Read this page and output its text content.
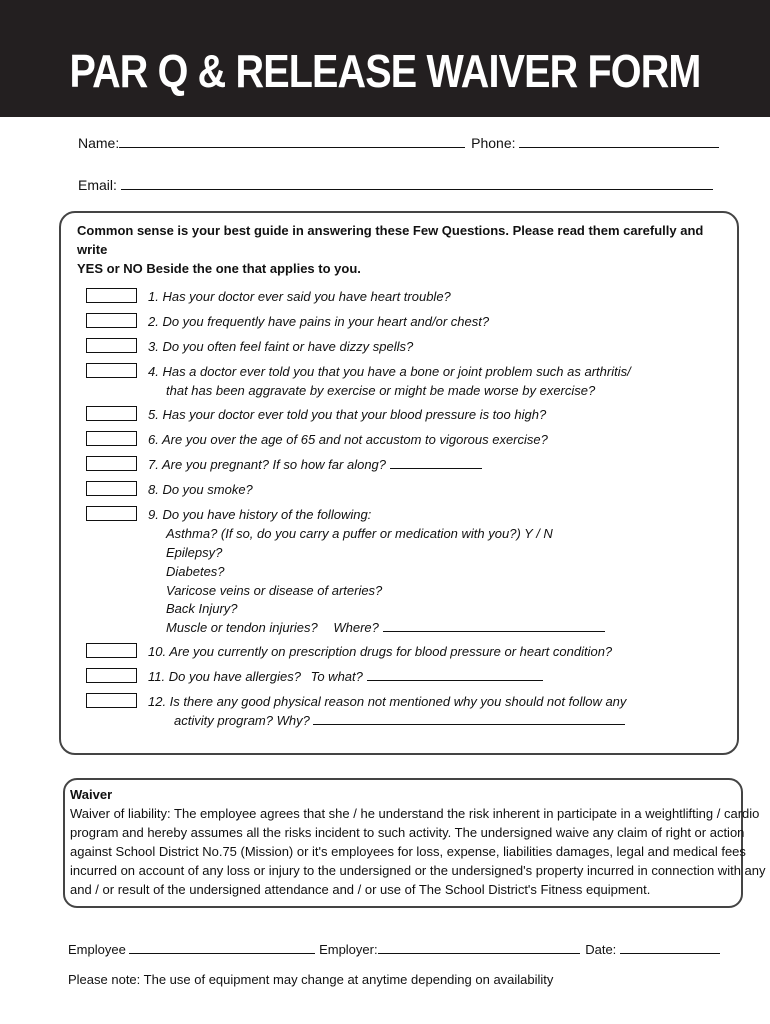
PAR Q & RELEASE WAIVER FORM
Name:	Phone:
Email:
Common sense is your best guide in answering these Few Questions. Please read them carefully and write
YES or NO Beside the one that applies to you.
1. Has your doctor ever said you have heart trouble?
2. Do you frequently have pains in your heart and/or chest?
3. Do you often feel faint or have dizzy spells?
4. Has a doctor ever told you that you have a bone or joint problem such as arthritis/
that has been aggravate by exercise or might be made worse by exercise?
5. Has your doctor ever told you that your blood pressure is too high?
6. Are you over the age of 65 and not accustom to vigorous exercise?
7. Are you pregnant? If so how far along?
8. Do you smoke?
9. Do you have history of the following:
Asthma? (If so, do you carry a puffer or medication with you?) Y / N
Epilepsy?
Diabetes?
Varicose veins or disease of arteries?
Back Injury?
Muscle or tendon injuries? Where?
10. Are you currently on prescription drugs for blood pressure or heart condition?
11. Do you have allergies? To what?
12. Is there any good physical reason not mentioned why you should not follow any
activity program? Why?
Waiver
Waiver of liability: The employee agrees that she / he understand the risk inherent in participate in a weightlifting / cardio
program and hereby assumes all the risks incident to such activity. The undersigned waive any claim of right or action
against School District No.75 (Mission) or it's employees for loss, expense, liabilities damages, legal and medical fees
incurred on account of any loss or injury to the undersigned or the undersigned's property incurred in connection with any
and / or result of the undersigned attendance and / or use of The School District's Fitness equipment.
Employee	Employer:	Date:
Please note: The use of equipment may change at anytime depending on availability
